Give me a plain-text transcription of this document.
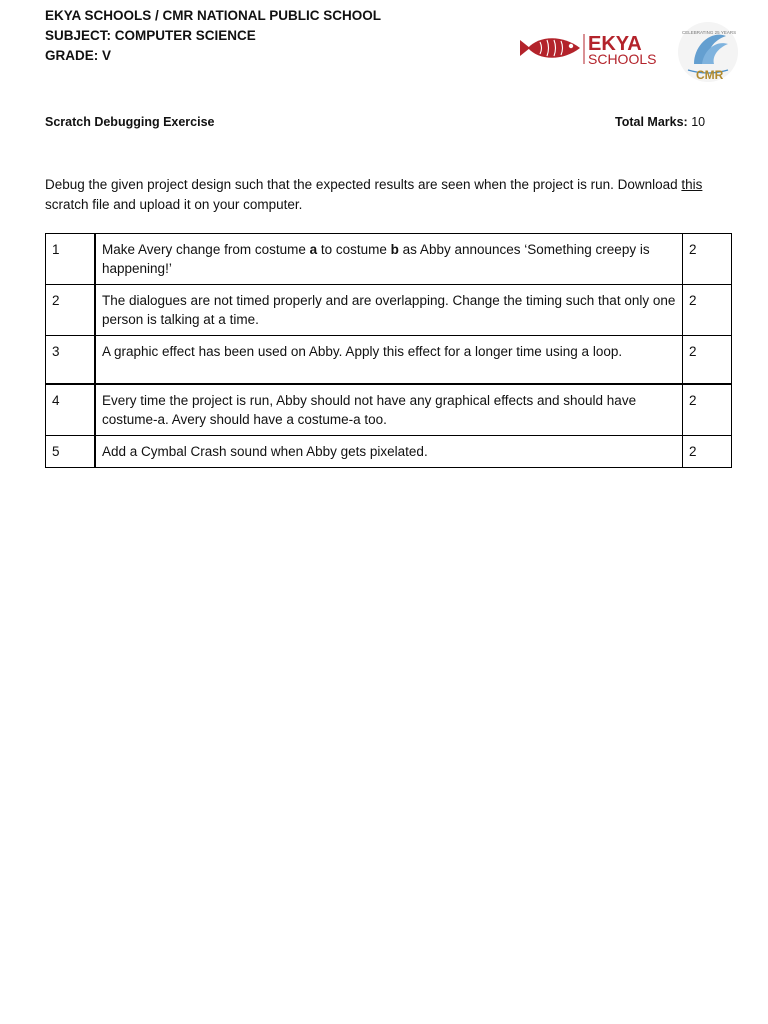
EKYA SCHOOLS / CMR NATIONAL PUBLIC SCHOOL
SUBJECT: COMPUTER SCIENCE
GRADE: V
EKYA
SCHOOLS
CELEBRATING 25 YEARS
CMR
Scratch Debugging Exercise	Total Marks: 10
Debug the given project design such that the expected results are seen when the project is run. Download this scratch file and upload it on your computer.
1	Make Avery change from costume a to costume b as Abby announces ‘Something creepy is happening!’	2
2	The dialogues are not timed properly and are overlapping. Change the timing such that only one person is talking at a time.	2
3	A graphic effect has been used on Abby. Apply this effect for a longer time using a loop.	2
4	Every time the project is run, Abby should not have any graphical effects and should have costume-a. Avery should have a costume-a too.	2
5	Add a Cymbal Crash sound when Abby gets pixelated.	2
